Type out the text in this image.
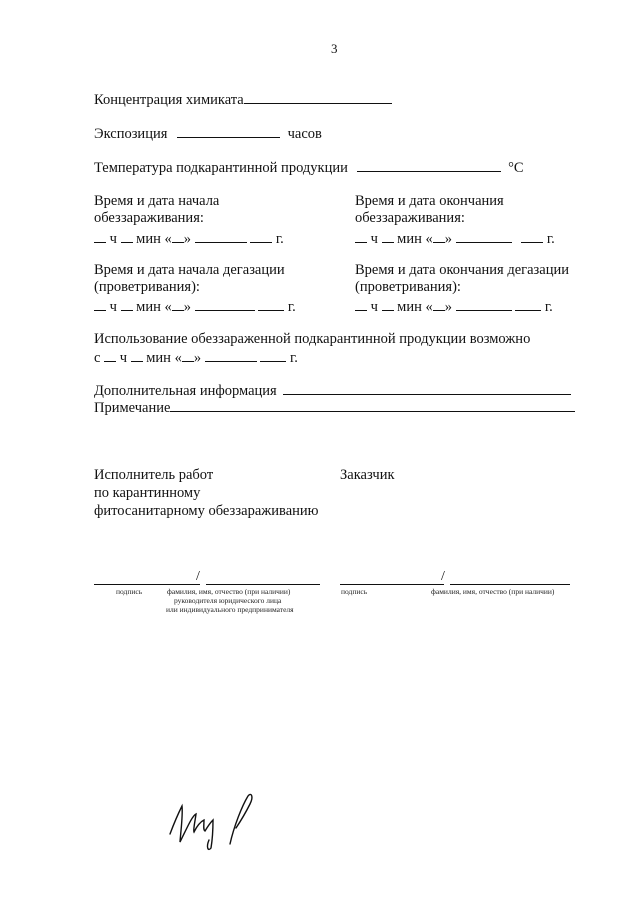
3
Концентрация химиката
Экспозиция	часов
Температура подкарантинной продукции	°С
Время и дата начала
обеззараживания:
ч мин « »	г.
Время и дата окончания
обеззараживания:
ч мин « »	г.
Время и дата начала дегазации
(проветривания):
ч мин « »	г.
Время и дата окончания дегазации
(проветривания):
ч мин « »	г.
Использование обеззараженной подкарантинной продукции возможно
с ч мин « »	г.
Дополнительная информация
Примечание
Исполнитель работ
по карантинному
фитосанитарному обеззараживанию
Заказчик
/
подпись	фамилия, имя, отчество (при наличии)
руководителя юридического лица
или индивидуального предпринимателя
/
подпись	фамилия, имя, отчество (при наличии)
